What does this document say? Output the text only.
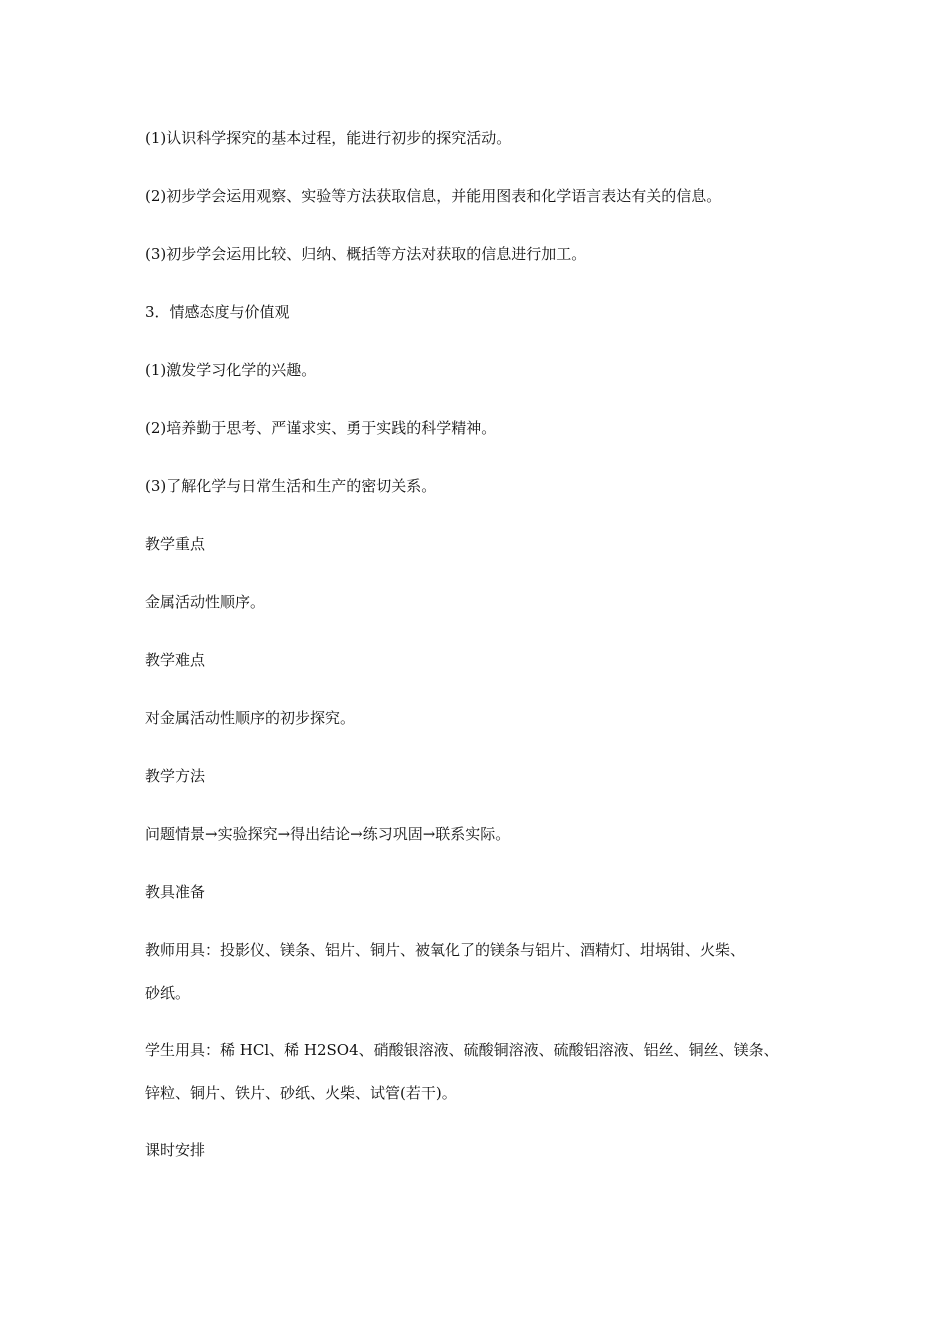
(1)认识科学探究的基本过程，能进行初步的探究活动。
(2)初步学会运用观察、实验等方法获取信息，并能用图表和化学语言表达有关的信息。
(3)初步学会运用比较、归纳、概括等方法对获取的信息进行加工。
3．情感态度与价值观
(1)激发学习化学的兴趣。
(2)培养勤于思考、严谨求实、勇于实践的科学精神。
(3)了解化学与日常生活和生产的密切关系。
教学重点
金属活动性顺序。
教学难点
对金属活动性顺序的初步探究。
教学方法
问题情景→实验探究→得出结论→练习巩固→联系实际。
教具准备
教师用具：投影仪、镁条、铝片、铜片、被氧化了的镁条与铝片、酒精灯、坩埚钳、火柴、
砂纸。
学生用具：稀 HCl、稀 H2SO4、硝酸银溶液、硫酸铜溶液、硫酸铝溶液、铝丝、铜丝、镁条、
锌粒、铜片、铁片、砂纸、火柴、试管(若干)。
课时安排
